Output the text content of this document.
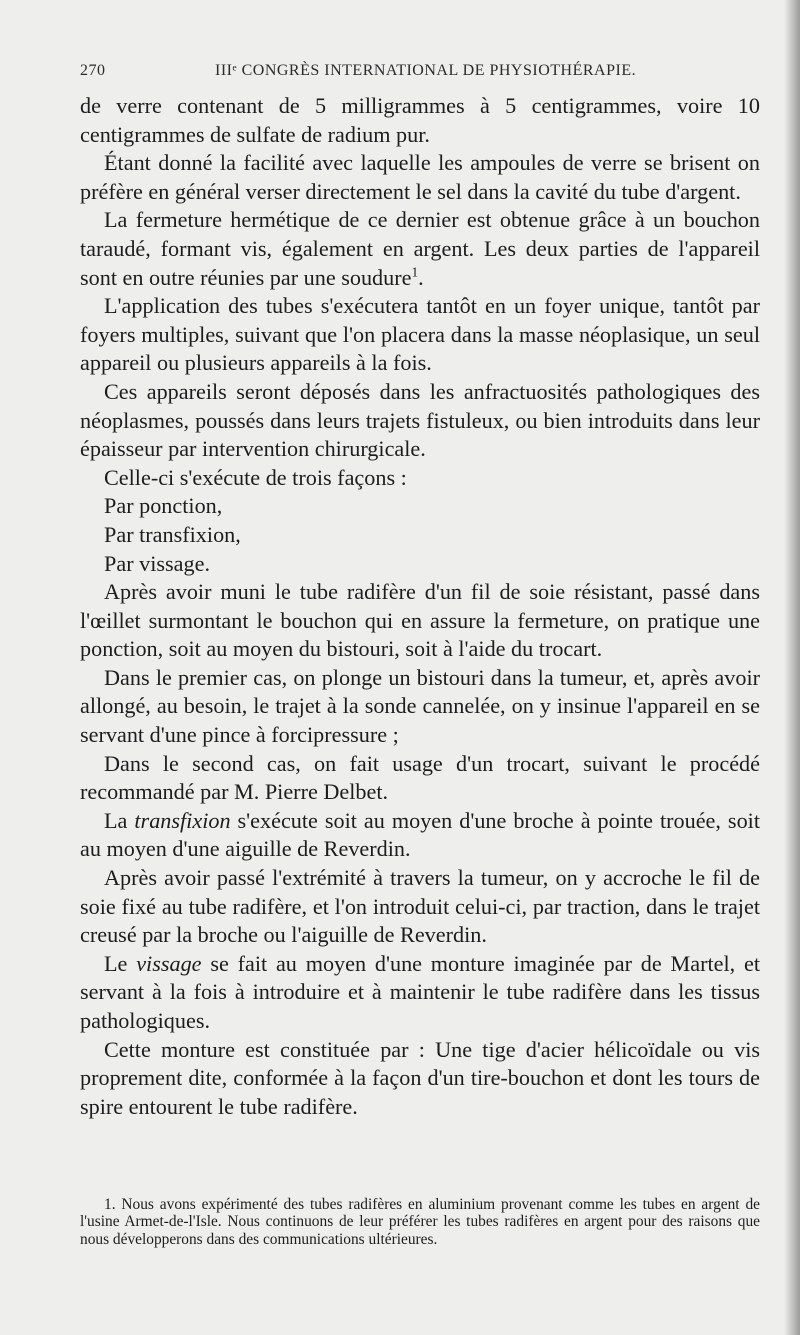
270	IIIᵉ CONGRÈS INTERNATIONAL DE PHYSIOTHÉRAPIE.

de verre contenant de 5 milligrammes à 5 centigrammes, voire 10 centigrammes de sulfate de radium pur.

Étant donné la facilité avec laquelle les ampoules de verre se brisent on préfère en général verser directement le sel dans la cavité du tube d'argent.

La fermeture hermétique de ce dernier est obtenue grâce à un bouchon taraudé, formant vis, également en argent. Les deux parties de l'appareil sont en outre réunies par une soudure$^1$.

L'application des tubes s'exécutera tantôt en un foyer unique, tantôt par foyers multiples, suivant que l'on placera dans la masse néoplasique, un seul appareil ou plusieurs appareils à la fois.

Ces appareils seront déposés dans les anfractuosités pathologiques des néoplasmes, poussés dans leurs trajets fistuleux, ou bien introduits dans leur épaisseur par intervention chirurgicale.

Celle-ci s'exécute de trois façons :

Par ponction,

Par transfixion,

Par vissage.

Après avoir muni le tube radifère d'un fil de soie résistant, passé dans l'œillet surmontant le bouchon qui en assure la fermeture, on pratique une ponction, soit au moyen du bistouri, soit à l'aide du trocart.

Dans le premier cas, on plonge un bistouri dans la tumeur, et, après avoir allongé, au besoin, le trajet à la sonde cannelée, on y insinue l'appareil en se servant d'une pince à forcipressure ;

Dans le second cas, on fait usage d'un trocart, suivant le procédé recommandé par M. Pierre Delbet.

La transfixion s'exécute soit au moyen d'une broche à pointe trouée, soit au moyen d'une aiguille de Reverdin.

Après avoir passé l'extrémité à travers la tumeur, on y accroche le fil de soie fixé au tube radifère, et l'on introduit celui-ci, par traction, dans le trajet creusé par la broche ou l'aiguille de Reverdin.

Le vissage se fait au moyen d'une monture imaginée par de Martel, et servant à la fois à introduire et à maintenir le tube radifère dans les tissus pathologiques.

Cette monture est constituée par : Une tige d'acier hélicoïdale ou vis proprement dite, conformée à la façon d'un tire-bouchon et dont les tours de spire entourent le tube radifère.

1. Nous avons expérimenté des tubes radifères en aluminium provenant comme les tubes en argent de l'usine Armet-de-l'Isle. Nous continuons de leur préférer les tubes radifères en argent pour des raisons que nous développerons dans des communications ultérieures.
